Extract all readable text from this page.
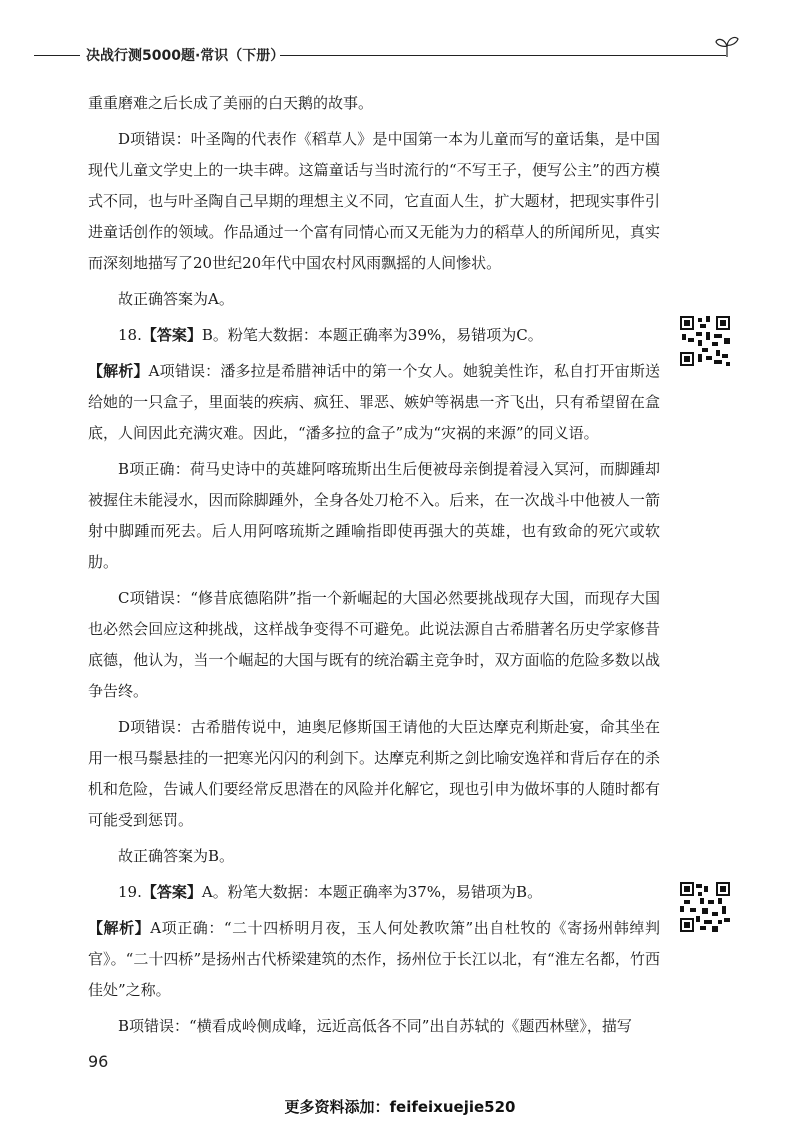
决战行测5000题·常识（下册）

重重磨难之后长成了美丽的白天鹅的故事。

D项错误：叶圣陶的代表作《稻草人》是中国第一本为儿童而写的童话集，是中国现代儿童文学史上的一块丰碑。这篇童话与当时流行的“不写王子，便写公主”的西方模式不同，也与叶圣陶自己早期的理想主义不同，它直面人生，扩大题材，把现实事件引进童话创作的领域。作品通过一个富有同情心而又无能为力的稻草人的所闻所见，真实而深刻地描写了20世纪20年代中国农村风雨飘摇的人间惨状。

故正确答案为A。

18.【答案】B。粉笔大数据：本题正确率为39%，易错项为C。

【解析】A项错误：潘多拉是希腊神话中的第一个女人。她貌美性诈，私自打开宙斯送给她的一只盒子，里面装的疾病、疯狂、罪恶、嫉妒等祸患一齐飞出，只有希望留在盒底，人间因此充满灾难。因此，“潘多拉的盒子”成为“灾祸的来源”的同义语。

B项正确：荷马史诗中的英雄阿喀琉斯出生后便被母亲倒提着浸入冥河，而脚踵却被握住未能浸水，因而除脚踵外，全身各处刀枪不入。后来，在一次战斗中他被人一箭射中脚踵而死去。后人用阿喀琉斯之踵喻指即使再强大的英雄，也有致命的死穴或软肋。

C项错误：“修昔底德陷阱”指一个新崛起的大国必然要挑战现存大国，而现存大国也必然会回应这种挑战，这样战争变得不可避免。此说法源自古希腊著名历史学家修昔底德，他认为，当一个崛起的大国与既有的统治霸主竞争时，双方面临的危险多数以战争告终。

D项错误：古希腊传说中，迪奥尼修斯国王请他的大臣达摩克利斯赴宴，命其坐在用一根马鬃悬挂的一把寒光闪闪的利剑下。达摩克利斯之剑比喻安逸祥和背后存在的杀机和危险，告诫人们要经常反思潜在的风险并化解它，现也引申为做坏事的人随时都有可能受到惩罚。

故正确答案为B。

19.【答案】A。粉笔大数据：本题正确率为37%，易错项为B。

【解析】A项正确：“二十四桥明月夜，玉人何处教吹箫”出自杜牧的《寄扬州韩绰判官》。“二十四桥”是扬州古代桥梁建筑的杰作，扬州位于长江以北，有“淮左名都，竹西佳处”之称。

B项错误：“横看成岭侧成峰，远近高低各不同”出自苏轼的《题西林壁》，描写

96
更多资料添加：feifeixuejie520
